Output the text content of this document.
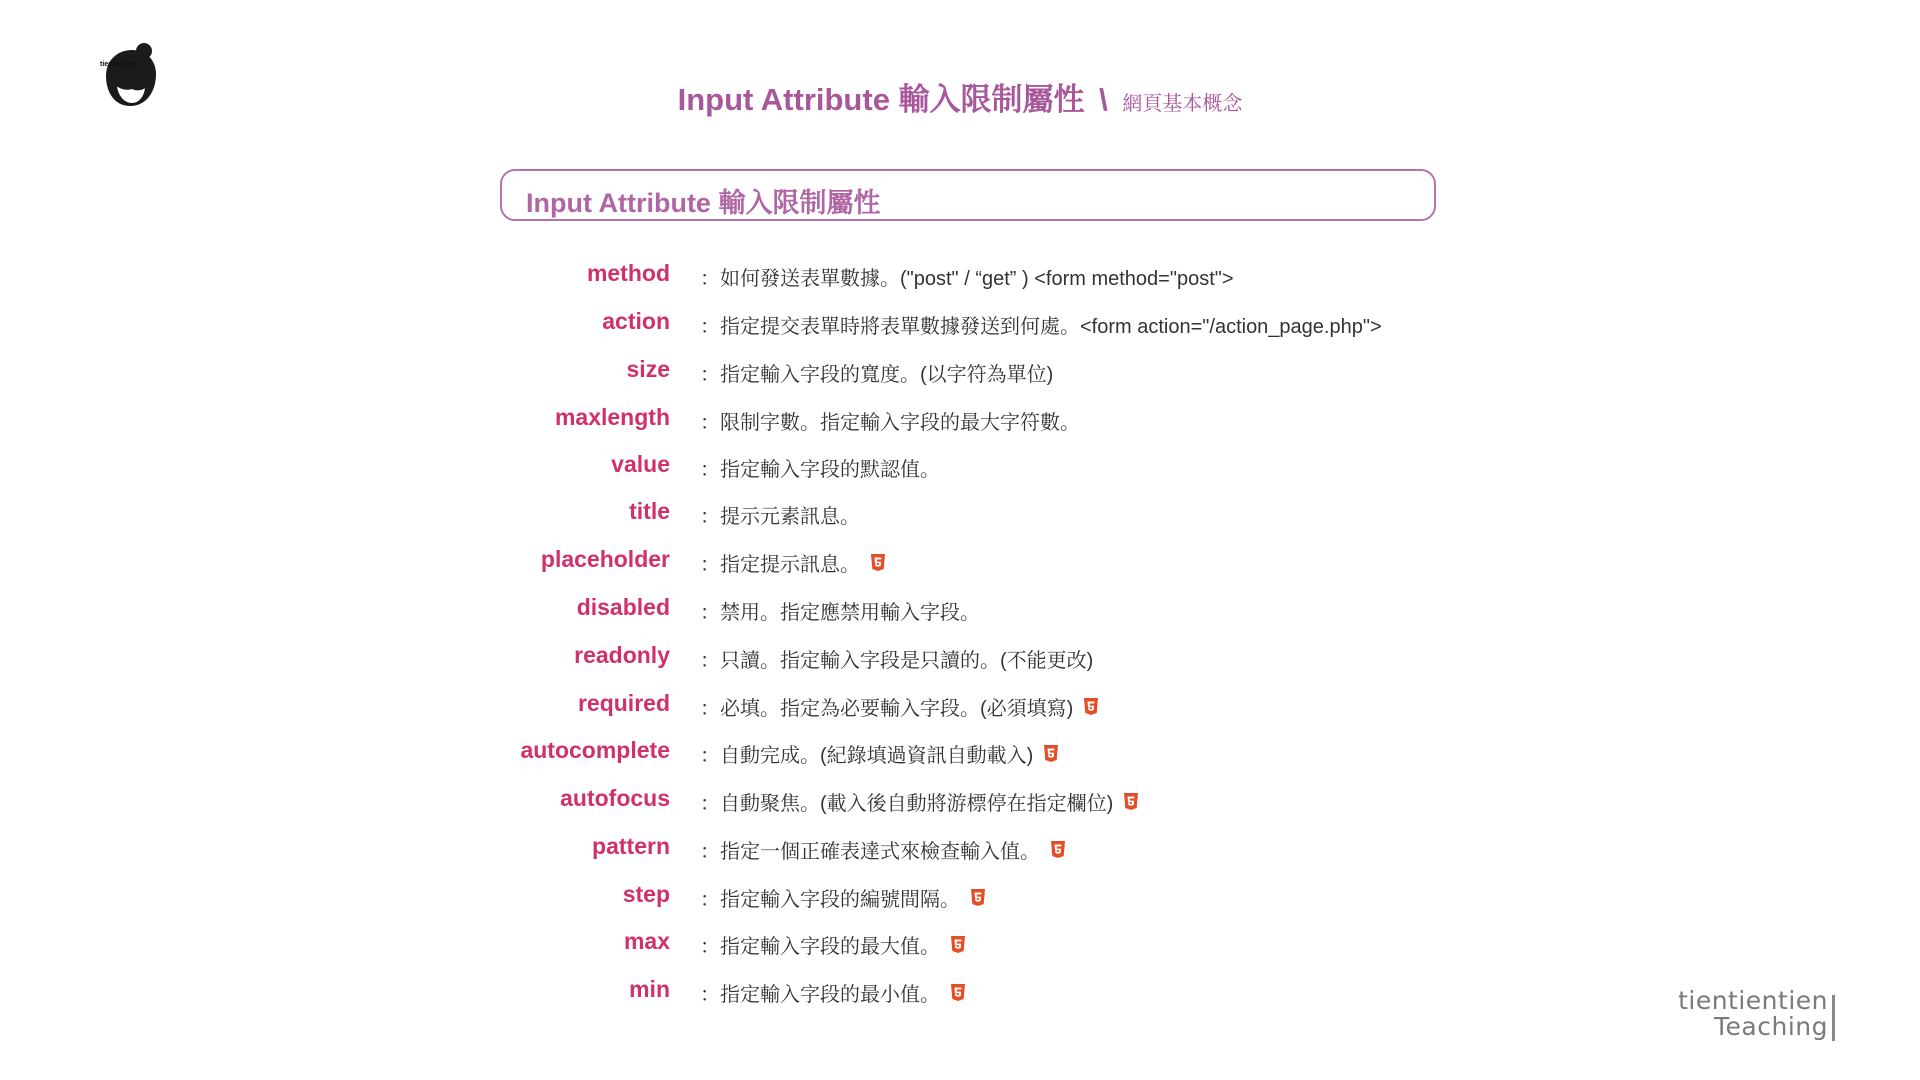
tientientien
Input Attribute 輸入限制屬性 \ 網頁基本概念
Input Attribute 輸入限制屬性
method ：如何發送表單數據。("post" / “get” ) <form method="post">
action ：指定提交表單時將表單數據發送到何處。<form action="/action_page.php">
size ：指定輸入字段的寬度。(以字符為單位)
maxlength ：限制字數。指定輸入字段的最大字符數。
value ：指定輸入字段的默認值。
title ：提示元素訊息。
placeholder ：指定提示訊息。
disabled ：禁用。指定應禁用輸入字段。
readonly ：只讀。指定輸入字段是只讀的。(不能更改)
required ：必填。指定為必要輸入字段。(必須填寫)
autocomplete ：自動完成。(紀錄填過資訊自動載入)
autofocus ：自動聚焦。(載入後自動將游標停在指定欄位)
pattern ：指定一個正確表達式來檢查輸入值。
step ：指定輸入字段的編號間隔。
max ：指定輸入字段的最大值。
min ：指定輸入字段的最小值。	tientientien
Teaching
